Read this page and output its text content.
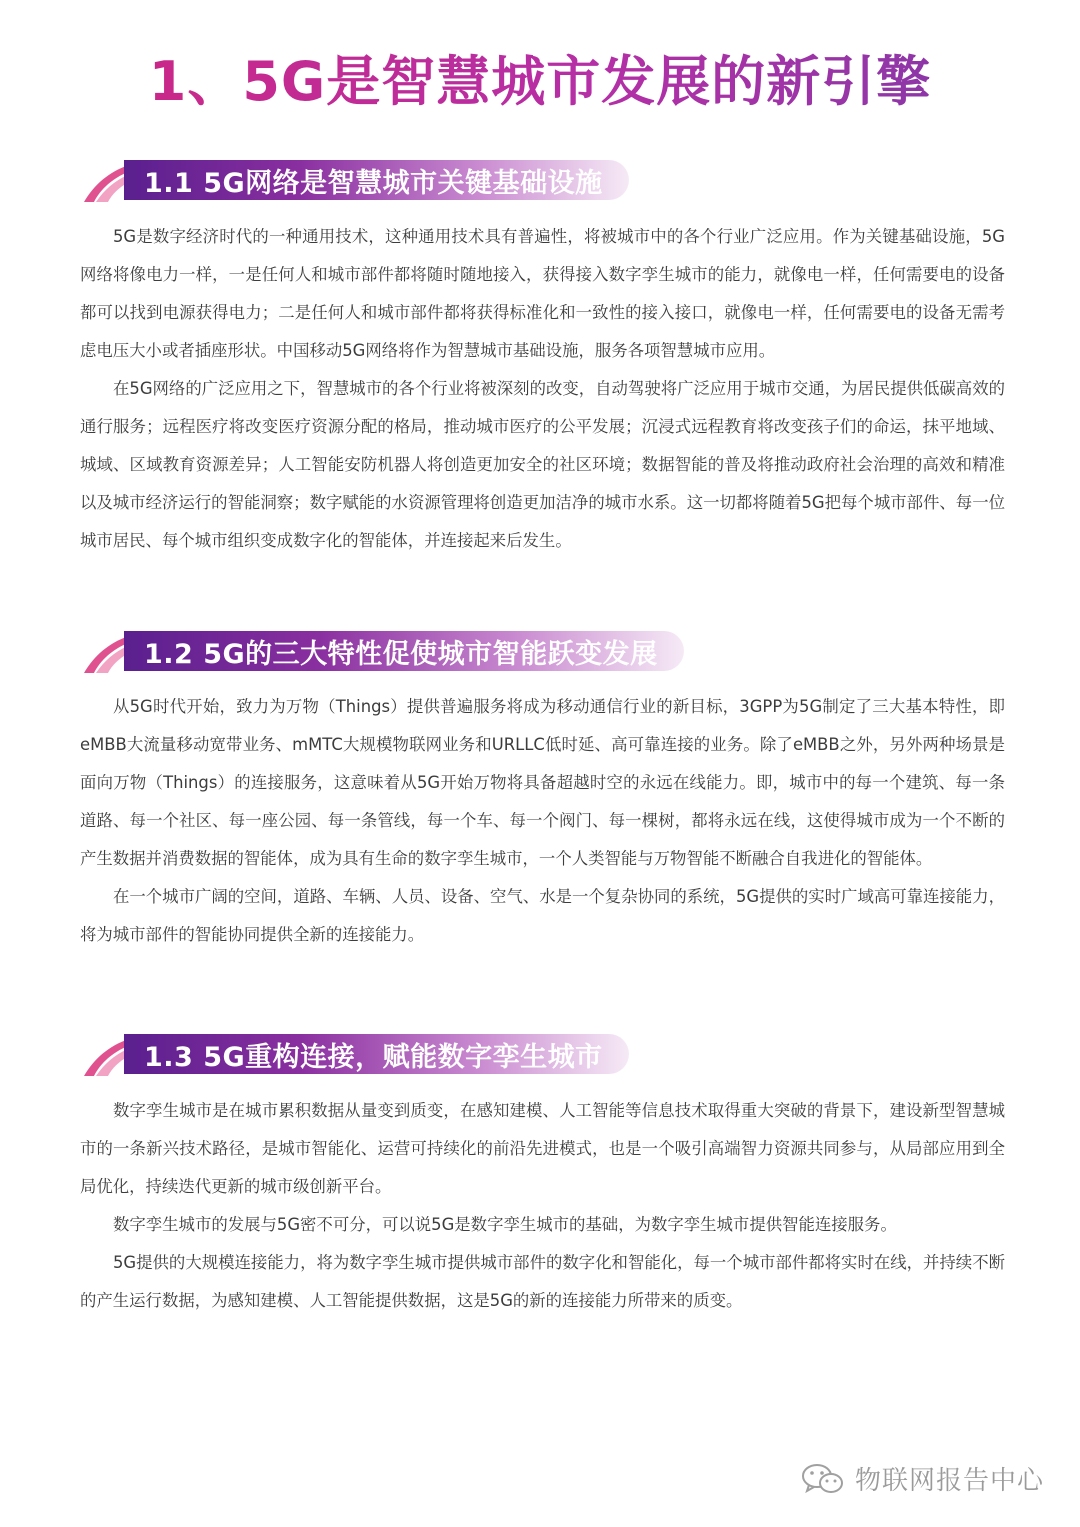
1、5G是智慧城市发展的新引擎
1.1 5G网络是智慧城市关键基础设施

5G是数字经济时代的一种通用技术，这种通用技术具有普遍性，将被城市中的各个行业广泛应用。作为关键基础设施，5G网络将像电力一样，一是任何人和城市部件都将随时随地接入，获得接入数字孪生城市的能力，就像电一样，任何需要电的设备都可以找到电源获得电力；二是任何人和城市部件都将获得标准化和一致性的接入接口，就像电一样，任何需要电的设备无需考虑电压大小或者插座形状。中国移动5G网络将作为智慧城市基础设施，服务各项智慧城市应用。

在5G网络的广泛应用之下，智慧城市的各个行业将被深刻的改变，自动驾驶将广泛应用于城市交通，为居民提供低碳高效的通行服务；远程医疗将改变医疗资源分配的格局，推动城市医疗的公平发展；沉浸式远程教育将改变孩子们的命运，抹平地域、城域、区域教育资源差异；人工智能安防机器人将创造更加安全的社区环境；数据智能的普及将推动政府社会治理的高效和精准以及城市经济运行的智能洞察；数字赋能的水资源管理将创造更加洁净的城市水系。这一切都将随着5G把每个城市部件、每一位城市居民、每个城市组织变成数字化的智能体，并连接起来后发生。

1.2 5G的三大特性促使城市智能跃变发展

从5G时代开始，致力为万物（Things）提供普遍服务将成为移动通信行业的新目标，3GPP为5G制定了三大基本特性，即eMBB大流量移动宽带业务、mMTC大规模物联网业务和URLLC低时延、高可靠连接的业务。除了eMBB之外，另外两种场景是面向万物（Things）的连接服务，这意味着从5G开始万物将具备超越时空的永远在线能力。即，城市中的每一个建筑、每一条道路、每一个社区、每一座公园、每一条管线，每一个车、每一个阀门、每一棵树，都将永远在线，这使得城市成为一个不断的产生数据并消费数据的智能体，成为具有生命的数字孪生城市，一个人类智能与万物智能不断融合自我进化的智能体。

在一个城市广阔的空间，道路、车辆、人员、设备、空气、水是一个复杂协同的系统，5G提供的实时广域高可靠连接能力，将为城市部件的智能协同提供全新的连接能力。

1.3 5G重构连接，赋能数字孪生城市

数字孪生城市是在城市累积数据从量变到质变，在感知建模、人工智能等信息技术取得重大突破的背景下，建设新型智慧城市的一条新兴技术路径，是城市智能化、运营可持续化的前沿先进模式，也是一个吸引高端智力资源共同参与，从局部应用到全局优化，持续迭代更新的城市级创新平台。

数字孪生城市的发展与5G密不可分，可以说5G是数字孪生城市的基础，为数字孪生城市提供智能连接服务。

5G提供的大规模连接能力，将为数字孪生城市提供城市部件的数字化和智能化，每一个城市部件都将实时在线，并持续不断的产生运行数据，为感知建模、人工智能提供数据，这是5G的新的连接能力所带来的质变。

物联网报告中心
